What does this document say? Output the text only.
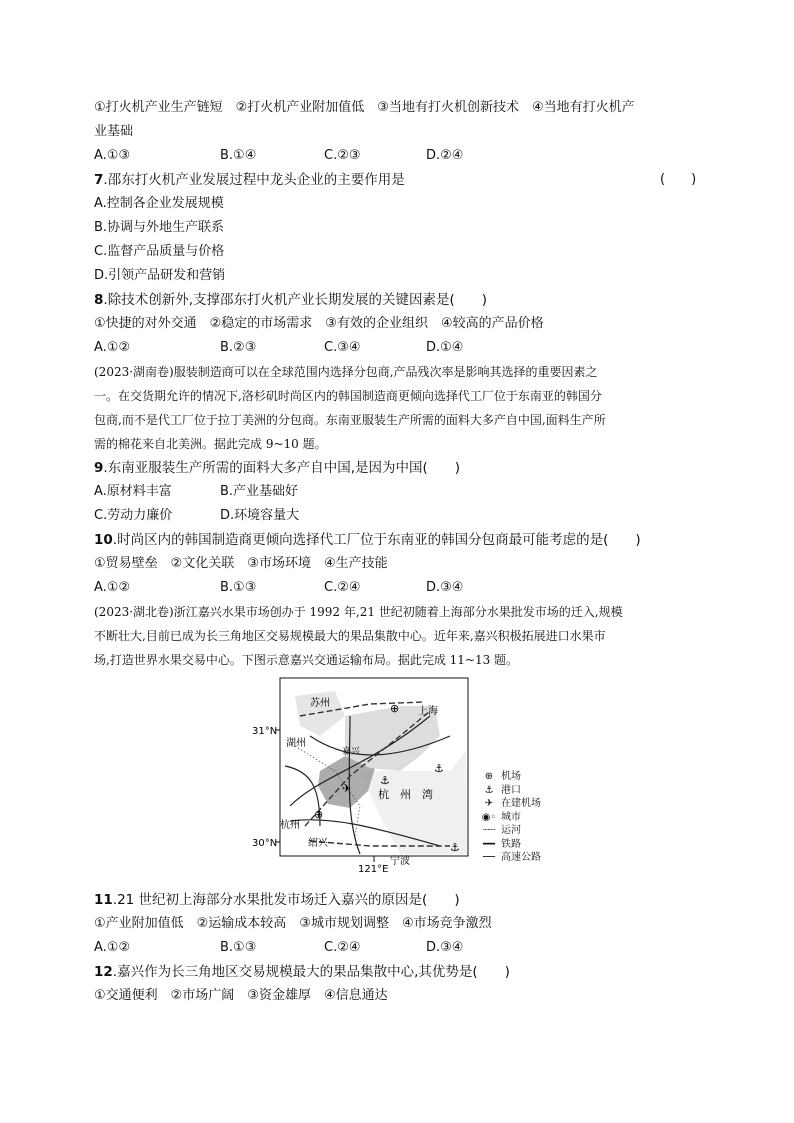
①打火机产业生产链短　②打火机产业附加值低　③当地有打火机创新技术　④当地有打火机产
业基础
A.①③	B.①④	C.②③	D.②④
7.邵东打火机产业发展过程中龙头企业的主要作用是	(　　)
A.控制各企业发展规模
B.协调与外地生产联系
C.监督产品质量与价格
D.引领产品研发和营销
8.除技术创新外,支撑邵东打火机产业长期发展的关键因素是(　　)
①快捷的对外交通　②稳定的市场需求　③有效的企业组织　④较高的产品价格
A.①②	B.②③	C.③④	D.①④
(2023·湖南卷)服装制造商可以在全球范围内选择分包商,产品残次率是影响其选择的重要因素之
一。在交货期允许的情况下,洛杉矶时尚区内的韩国制造商更倾向选择代工厂位于东南亚的韩国分
包商,而不是代工厂位于拉丁美洲的分包商。东南亚服装生产所需的面料大多产自中国,面料生产所
需的棉花来自北美洲。据此完成 9~10 题。
9.东南亚服装生产所需的面料大多产自中国,是因为中国(　　)
A.原材料丰富	B.产业基础好
C.劳动力廉价	D.环境容量大
10.时尚区内的韩国制造商更倾向选择代工厂位于东南亚的韩国分包商最可能考虑的是(　　)
①贸易壁垒　②文化关联　③市场环境　④生产技能
A.①②	B.①③	C.②④	D.③④
(2023·湖北卷)浙江嘉兴水果市场创办于 1992 年,21 世纪初随着上海部分水果批发市场的迁入,规模
不断壮大,目前已成为长三角地区交易规模最大的果品集散中心。近年来,嘉兴积极拓展进口水果市
场,打造世界水果交易中心。下图示意嘉兴交通运输布局。据此完成 11~13 题。
31°N
30°N
121°E
苏州
上海
湖州
嘉兴
杭州
绍兴
宁波
杭　州　湾
⊕
⊕
✈
⚓
⚓
⚓
⊕ 机场
⚓ 港口
✈ 在建机场
◉◦ 城市
┈┈ 运河
━━ 铁路
── 高速公路
11.21 世纪初上海部分水果批发市场迁入嘉兴的原因是(　　)
①产业附加值低　②运输成本较高　③城市规划调整　④市场竞争激烈
A.①②	B.①③	C.②④	D.③④
12.嘉兴作为长三角地区交易规模最大的果品集散中心,其优势是(　　)
①交通便利　②市场广阔　③资金雄厚　④信息通达
